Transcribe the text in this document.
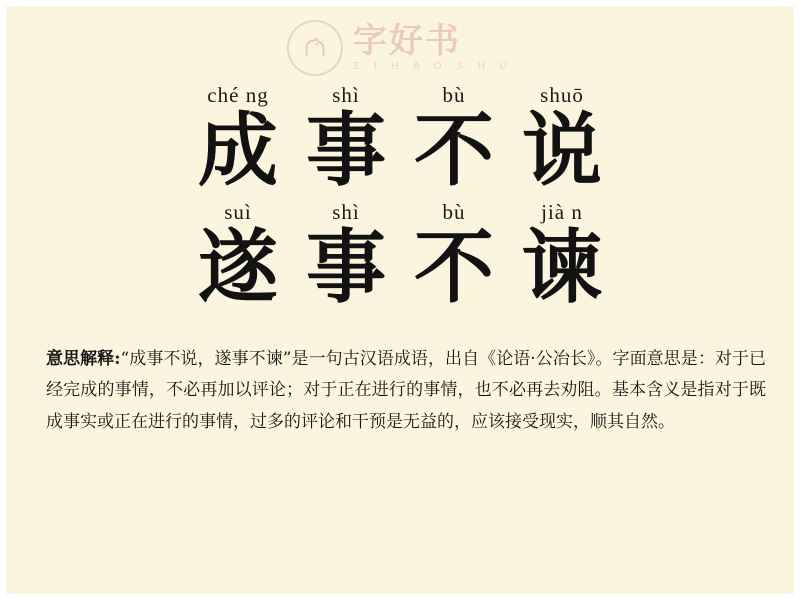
字好书
Z I H A O S H U
ché ng	shì	bù	shuō
成 事 不 说
suì	shì	bù	jià n
遂 事 不 谏
意思解释:“成事不说，遂事不谏”是一句古汉语成语，出自《论语·公冶长》。字面意思是：对于已经完成的事情，不必再加以评论；对于正在进行的事情，也不必再去劝阻。基本含义是指对于既成事实或正在进行的事情，过多的评论和干预是无益的，应该接受现实，顺其自然。
